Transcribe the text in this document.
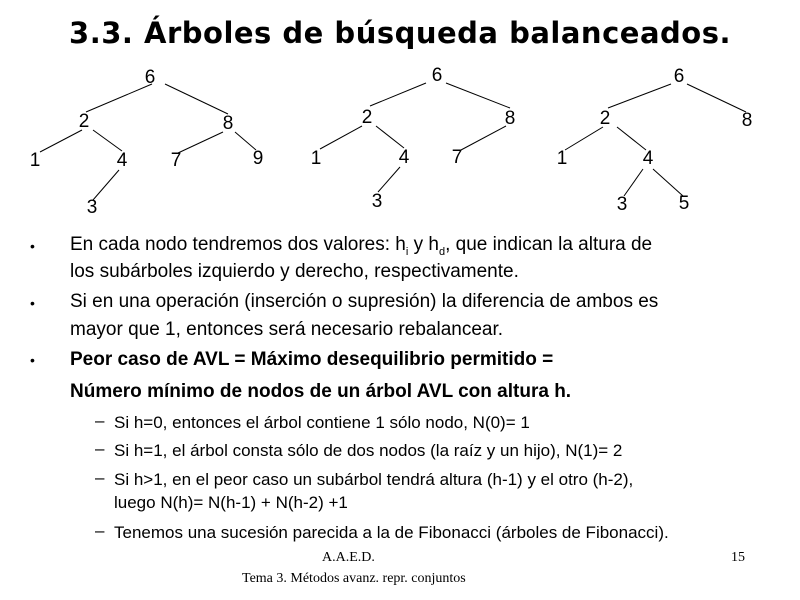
3.3. Árboles de búsqueda balanceados.
6
2	8
1	4 7	9
3
6
2	8
1	4 7
3
6
2	8
1	4
3	5
• En cada nodo tendremos dos valores: $h_i$ y $h_d$, que indican la altura de
los subárboles izquierdo y derecho, respectivamente.
• Si en una operación (inserción o supresión) la diferencia de ambos es
mayor que 1, entonces será necesario rebalancear.
• Peor caso de AVL = Máximo desequilibrio permitido =
Número mínimo de nodos de un árbol AVL con altura h.
– Si h=0, entonces el árbol contiene 1 sólo nodo, N(0)= 1
– Si h=1, el árbol consta sólo de dos nodos (la raíz y un hijo), N(1)= 2
– Si h>1, en el peor caso un subárbol tendrá altura (h-1) y el otro (h-2),
luego N(h)= N(h-1) + N(h-2) +1
– Tenemos una sucesión parecida a la de Fibonacci (árboles de Fibonacci).
A.A.E.D.
Tema 3. Métodos avanz. repr. conjuntos
15
